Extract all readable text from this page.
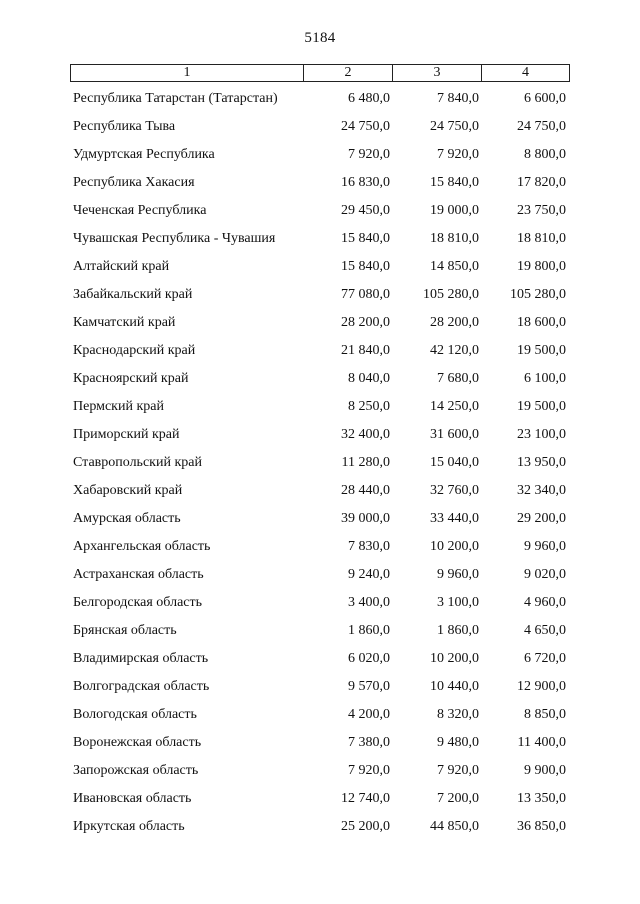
5184
1	2	3	4
Республика Татарстан (Татарстан)	6 480,0	7 840,0	6 600,0
Республика Тыва	24 750,0	24 750,0	24 750,0
Удмуртская Республика	7 920,0	7 920,0	8 800,0
Республика Хакасия	16 830,0	15 840,0	17 820,0
Чеченская Республика	29 450,0	19 000,0	23 750,0
Чувашская Республика - Чувашия	15 840,0	18 810,0	18 810,0
Алтайский край	15 840,0	14 850,0	19 800,0
Забайкальский край	77 080,0	105 280,0	105 280,0
Камчатский край	28 200,0	28 200,0	18 600,0
Краснодарский край	21 840,0	42 120,0	19 500,0
Красноярский край	8 040,0	7 680,0	6 100,0
Пермский край	8 250,0	14 250,0	19 500,0
Приморский край	32 400,0	31 600,0	23 100,0
Ставропольский край	11 280,0	15 040,0	13 950,0
Хабаровский край	28 440,0	32 760,0	32 340,0
Амурская область	39 000,0	33 440,0	29 200,0
Архангельская область	7 830,0	10 200,0	9 960,0
Астраханская область	9 240,0	9 960,0	9 020,0
Белгородская область	3 400,0	3 100,0	4 960,0
Брянская область	1 860,0	1 860,0	4 650,0
Владимирская область	6 020,0	10 200,0	6 720,0
Волгоградская область	9 570,0	10 440,0	12 900,0
Вологодская область	4 200,0	8 320,0	8 850,0
Воронежская область	7 380,0	9 480,0	11 400,0
Запорожская область	7 920,0	7 920,0	9 900,0
Ивановская область	12 740,0	7 200,0	13 350,0
Иркутская область	25 200,0	44 850,0	36 850,0
